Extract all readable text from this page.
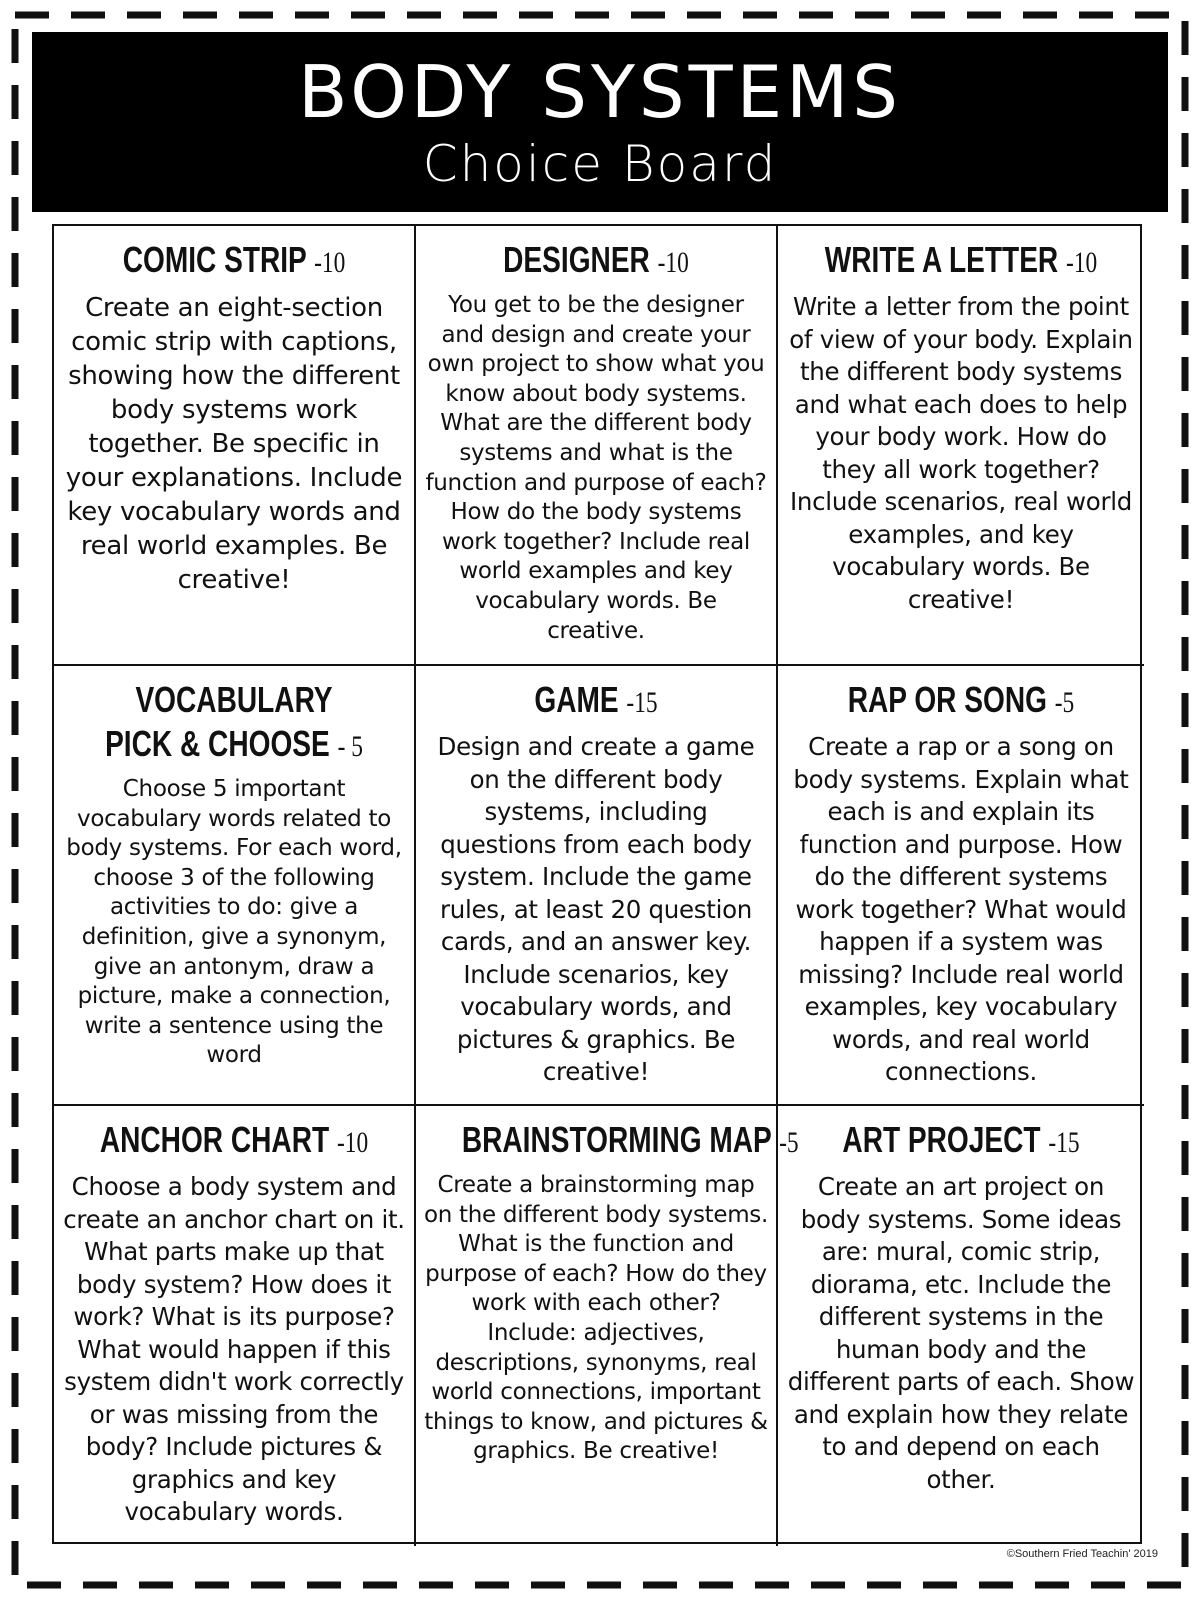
BODY SYSTEMS
Choice Board
COMIC STRIP -10
Create an eight-section comic strip with captions, showing how the different body systems work together. Be specific in your explanations. Include key vocabulary words and real world examples. Be creative!
DESIGNER -10
You get to be the designer and design and create your own project to show what you know about body systems. What are the different body systems and what is the function and purpose of each? How do the body systems work together? Include real world examples and key vocabulary words. Be creative.
WRITE A LETTER -10
Write a letter from the point of view of your body. Explain the different body systems and what each does to help your body work. How do they all work together? Include scenarios, real world examples, and key vocabulary words. Be creative!
VOCABULARY PICK & CHOOSE - 5
Choose 5 important vocabulary words related to body systems. For each word, choose 3 of the following activities to do: give a definition, give a synonym, give an antonym, draw a picture, make a connection, write a sentence using the word
GAME -15
Design and create a game on the different body systems, including questions from each body system. Include the game rules, at least 20 question cards, and an answer key. Include scenarios, key vocabulary words, and pictures & graphics. Be creative!
RAP OR SONG -5
Create a rap or a song on body systems. Explain what each is and explain its function and purpose. How do the different systems work together? What would happen if a system was missing? Include real world examples, key vocabulary words, and real world connections.
ANCHOR CHART -10
Choose a body system and create an anchor chart on it. What parts make up that body system? How does it work? What is its purpose? What would happen if this system didn't work correctly or was missing from the body? Include pictures & graphics and key vocabulary words.
BRAINSTORMING MAP -5
Create a brainstorming map on the different body systems. What is the function and purpose of each? How do they work with each other? Include: adjectives, descriptions, synonyms, real world connections, important things to know, and pictures & graphics. Be creative!
ART PROJECT -15
Create an art project on body systems. Some ideas are: mural, comic strip, diorama, etc. Include the different systems in the human body and the different parts of each. Show and explain how they relate to and depend on each other.
©Southern Fried Teachin' 2019
